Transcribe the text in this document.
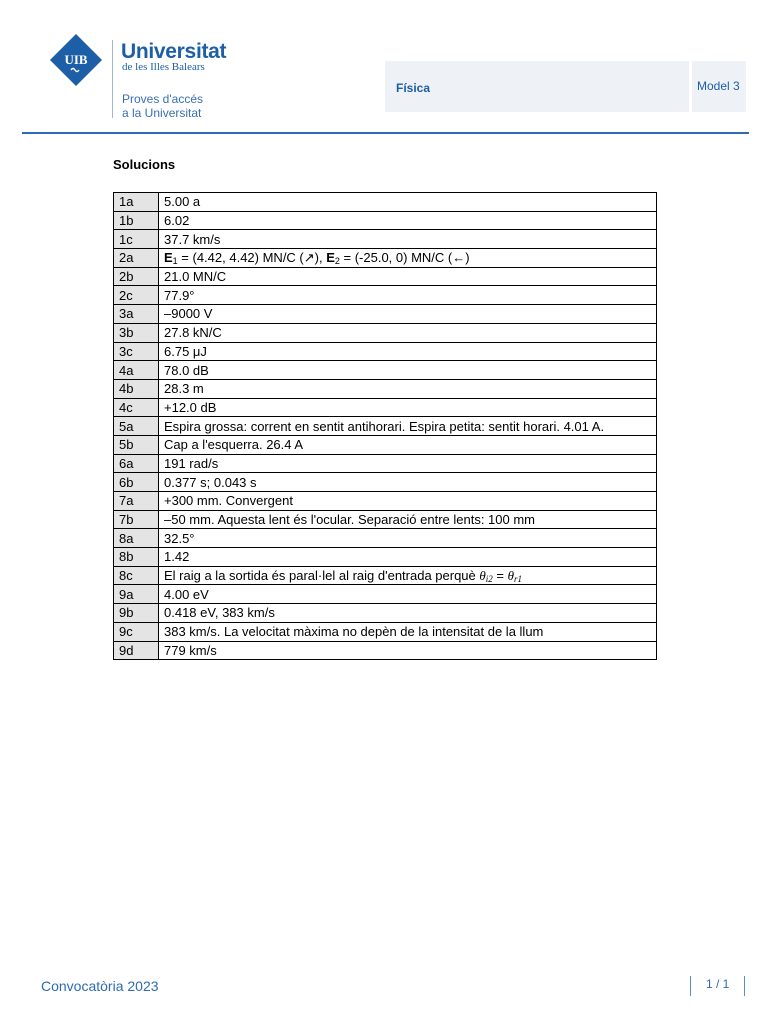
UIB Universitat
de les Illes Balears
Proves d'accés
a la Universitat
Física	Model 3
Solucions
1a	5.00 a
1b	6.02
1c	37.7 km/s
2a	$E_1 = (4.42$, 4.42) MN/C (↗), $E_2 = (-25.0$, 0) MN/C (←)
2b	21.0 MN/C
2c	77.9°
3a	–9000 V
3b	27.8 kN/C
3c	6.75 μJ
4a	78.0 dB
4b	28.3 m
4c	+12.0 dB
5a	Espira grossa: corrent en sentit antihorari. Espira petita: sentit horari. 4.01 A.
5b	Cap a l'esquerra. 26.4 A
6a	191 rad/s
6b	0.377 s; 0.043 s
7a	+300 mm. Convergent
7b	–50 mm. Aquesta lent és l'ocular. Separació entre lents: 100 mm
8a	32.5°
8b	1.42
8c	El raig a la sortida és paral·lel al raig d'entrada perquè $\theta_{i2} = \theta_{r1}$
9a	4.00 eV
9b	0.418 eV, 383 km/s
9c	383 km/s. La velocitat màxima no depèn de la intensitat de la llum
9d	779 km/s
Convocatòria 2023	1 / 1
